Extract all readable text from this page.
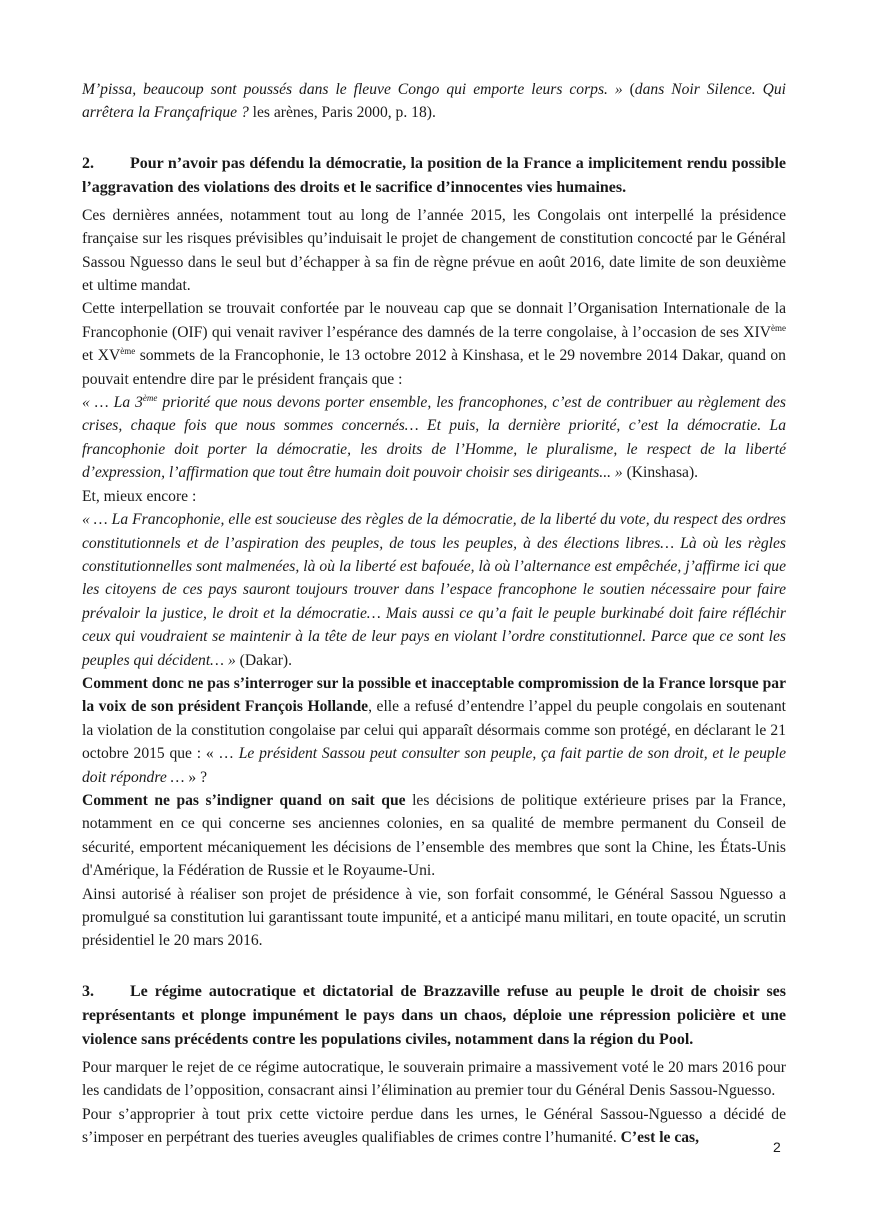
M’pissa, beaucoup sont poussés dans le fleuve Congo qui emporte leurs corps. » (dans Noir Silence. Qui arrêtera la Françafrique ? les arènes, Paris 2000, p. 18).

2. Pour n’avoir pas défendu la démocratie, la position de la France a implicitement rendu possible l’aggravation des violations des droits et le sacrifice d’innocentes vies humaines.

Ces dernières années, notamment tout au long de l’année 2015, les Congolais ont interpellé la présidence française sur les risques prévisibles qu’induisait le projet de changement de constitution concocté par le Général Sassou Nguesso dans le seul but d’échapper à sa fin de règne prévue en août 2016, date limite de son deuxième et ultime mandat.

Cette interpellation se trouvait confortée par le nouveau cap que se donnait l’Organisation Internationale de la Francophonie (OIF) qui venait raviver l’espérance des damnés de la terre congolaise, à l’occasion de ses XIVème et XVème sommets de la Francophonie, le 13 octobre 2012 à Kinshasa, et le 29 novembre 2014 Dakar, quand on pouvait entendre dire par le président français que :

« … La 3ème priorité que nous devons porter ensemble, les francophones, c’est de contribuer au règlement des crises, chaque fois que nous sommes concernés… Et puis, la dernière priorité, c’est la démocratie. La francophonie doit porter la démocratie, les droits de l’Homme, le pluralisme, le respect de la liberté d’expression, l’affirmation que tout être humain doit pouvoir choisir ses dirigeants... » (Kinshasa).

Et, mieux encore :

« … La Francophonie, elle est soucieuse des règles de la démocratie, de la liberté du vote, du respect des ordres constitutionnels et de l’aspiration des peuples, de tous les peuples, à des élections libres… Là où les règles constitutionnelles sont malmenées, là où la liberté est bafouée, là où l’alternance est empêchée, j’affirme ici que les citoyens de ces pays sauront toujours trouver dans l’espace francophone le soutien nécessaire pour faire prévaloir la justice, le droit et la démocratie… Mais aussi ce qu’a fait le peuple burkinabé doit faire réfléchir ceux qui voudraient se maintenir à la tête de leur pays en violant l’ordre constitutionnel. Parce que ce sont les peuples qui décident… » (Dakar).

Comment donc ne pas s’interroger sur la possible et inacceptable compromission de la France lorsque par la voix de son président François Hollande, elle a refusé d’entendre l’appel du peuple congolais en soutenant la violation de la constitution congolaise par celui qui apparaît désormais comme son protégé, en déclarant le 21 octobre 2015 que : « … Le président Sassou peut consulter son peuple, ça fait partie de son droit, et le peuple doit répondre … » ?

Comment ne pas s’indigner quand on sait que les décisions de politique extérieure prises par la France, notamment en ce qui concerne ses anciennes colonies, en sa qualité de membre permanent du Conseil de sécurité, emportent mécaniquement les décisions de l’ensemble des membres que sont la Chine, les États-Unis d'Amérique, la Fédération de Russie et le Royaume-Uni.

Ainsi autorisé à réaliser son projet de présidence à vie, son forfait consommé, le Général Sassou Nguesso a promulgué sa constitution lui garantissant toute impunité, et a anticipé manu militari, en toute opacité, un scrutin présidentiel le 20 mars 2016.

3. Le régime autocratique et dictatorial de Brazzaville refuse au peuple le droit de choisir ses représentants et plonge impunément le pays dans un chaos, déploie une répression policière et une violence sans précédents contre les populations civiles, notamment dans la région du Pool.

Pour marquer le rejet de ce régime autocratique, le souverain primaire a massivement voté le 20 mars 2016 pour les candidats de l’opposition, consacrant ainsi l’élimination au premier tour du Général Denis Sassou-Nguesso.

Pour s’approprier à tout prix cette victoire perdue dans les urnes, le Général Sassou-Nguesso a décidé de s’imposer en perpétrant des tueries aveugles qualifiables de crimes contre l’humanité. C’est le cas,

2
